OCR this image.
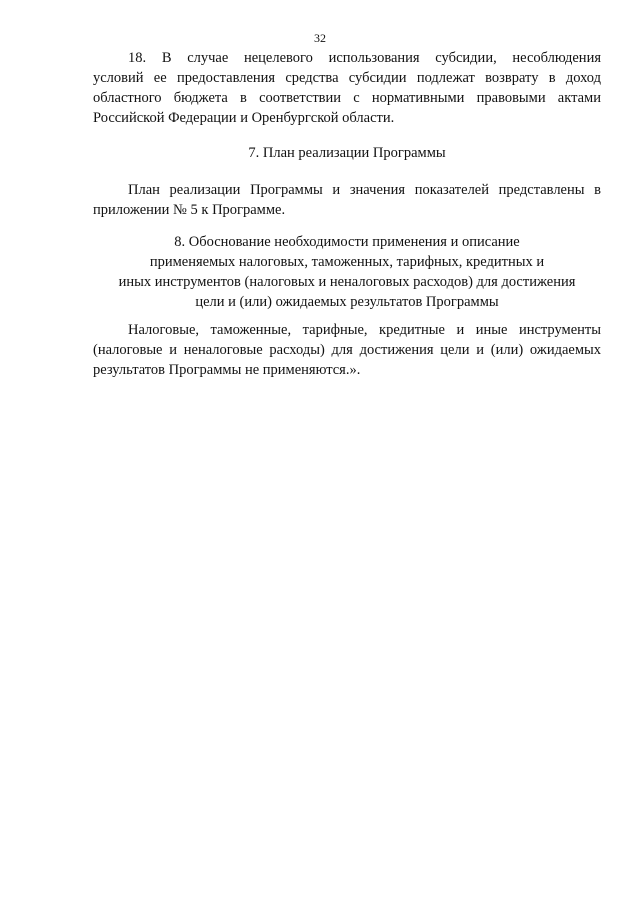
32
18. В случае нецелевого использования субсидии, несоблюдения
условий ее предоставления средства субсидии подлежат возврату в доход
областного бюджета в соответствии с нормативными правовыми актами
Российской Федерации и Оренбургской области.
7. План реализации Программы
План реализации Программы и значения показателей представлены в
приложении № 5 к Программе.
8. Обоснование необходимости применения и описание
применяемых налоговых, таможенных, тарифных, кредитных и
иных инструментов (налоговых и неналоговых расходов) для достижения
цели и (или) ожидаемых результатов Программы
Налоговые, таможенные, тарифные, кредитные и иные инструменты
(налоговые и неналоговые расходы) для достижения цели и (или) ожидаемых
результатов Программы не применяются.».
